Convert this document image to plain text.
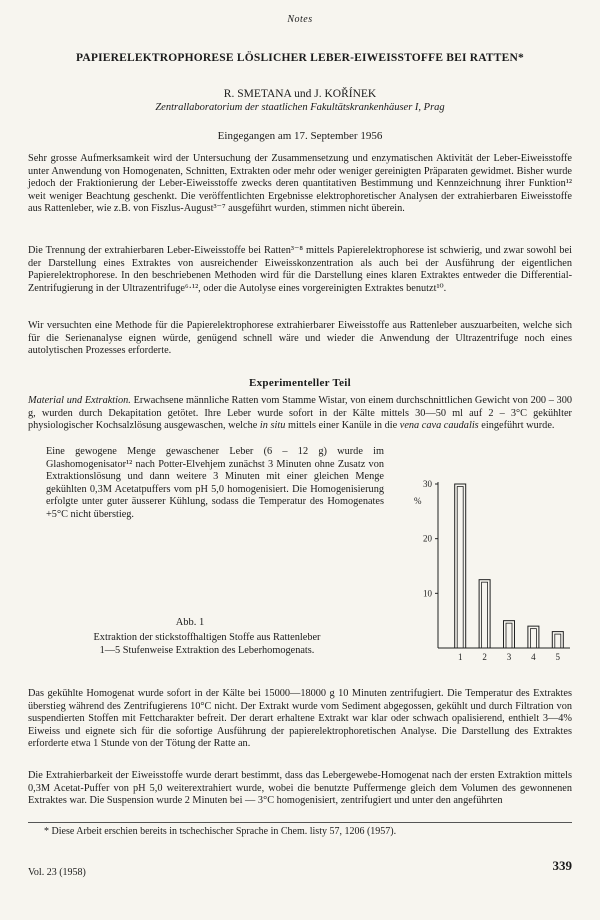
Notes
PAPIERELEKTROPHORESE LÖSLICHER LEBER-EIWEISSTOFFE BEI RATTEN*
R. SMETANA und J. KOŘÍNEK
Zentrallaboratorium der staatlichen Fakultätskrankenhäuser I, Prag
Eingegangen am 17. September 1956

Sehr grosse Aufmerksamkeit wird der Untersuchung der Zusammensetzung und enzymatischen Aktivität der Leber-Eiweisstoffe unter Anwendung von Homogenaten, Schnitten, Extrakten oder mehr oder weniger gereinigten Präparaten gewidmet. Bisher wurde jedoch der Fraktionierung der Leber-Eiweisstoffe zwecks deren quantitativen Bestimmung und Kennzeichnung ihrer Funktion¹² weit weniger Beachtung geschenkt. Die veröffentlichten Ergebnisse elektrophoretischer Analysen der extrahierbaren Eiweisstoffe aus Rattenleber, wie z.B. von Fiszlus-August³⁻⁷ ausgeführt wurden, stimmen nicht überein.

Die Trennung der extrahierbaren Leber-Eiweisstoffe bei Ratten³⁻⁸ mittels Papierelektrophorese ist schwierig, und zwar sowohl bei der Darstellung eines Extraktes von ausreichender Eiweisskonzentration als auch bei der Ausführung der eigentlichen Papierelektrophorese. In den beschriebenen Methoden wird für die Darstellung eines klaren Extraktes entweder die Differential-Zentrifugierung in der Ultrazentrifuge⁶·¹², oder die Autolyse eines vorgereinigten Extraktes benutzt¹⁰.

Wir versuchten eine Methode für die Papierelektrophorese extrahierbarer Eiweisstoffe aus Rattenleber auszuarbeiten, welche sich für die Serienanalyse eignen würde, genügend schnell wäre und wieder die Anwendung der Ultrazentrifuge noch eines autolytischen Prozesses erforderte.

Experimenteller Teil

Material und Extraktion. Erwachsene männliche Ratten vom Stamme Wistar, von einem durchschnittlichen Gewicht von 200 – 300 g, wurden durch Dekapitation getötet. Ihre Leber wurde sofort in der Kälte mittels 30—50 ml auf 2 – 3°C gekühlter physiologischer Kochsalzlösung ausgewaschen, welche in situ mittels einer Kanüle in die vena cava caudalis eingeführt wurde.

Eine gewogene Menge gewaschener Leber (6 – 12 g) wurde im Glashomogenisator¹² nach Potter-Elvehjem zunächst 3 Minuten ohne Zusatz von Extraktionslösung und dann weitere 3 Minuten mit einer gleichen Menge gekühlten 0,3M Acetatpuffers vom pH 5,0 homogenisiert. Die Homogenisierung erfolgte unter guter äusserer Kühlung, sodass die Temperatur des Homogenates +5°C nicht überstieg.

%
10
20
30
1 2 3 4 5
Abb. 1
Extraktion der stickstoffhaltigen Stoffe aus Rattenleber
1—5 Stufenweise Extraktion des Leberhomogenats.

Das gekühlte Homogenat wurde sofort in der Kälte bei 15000—18000 g 10 Minuten zentrifugiert. Die Temperatur des Extraktes überstieg während des Zentrifugierens 10°C nicht. Der Extrakt wurde vom Sediment abgegossen, gekühlt und durch Filtration von suspendierten Stoffen mit Fettcharakter befreit. Der derart erhaltene Extrakt war klar oder schwach opalisierend, enthielt 3—4% Eiweiss und eignete sich für die sofortige Ausführung der papierelektrophoretischen Analyse. Die Darstellung des Extraktes erforderte etwa 1 Stunde von der Tötung der Ratte an.

Die Extrahierbarkeit der Eiweisstoffe wurde derart bestimmt, dass das Lebergewebe-Homogenat nach der ersten Extraktion mittels 0,3M Acetat-Puffer von pH 5,0 weiterextrahiert wurde, wobei die benutzte Puffermenge gleich dem Volumen des gewonnenen Extraktes war. Die Suspension wurde 2 Minuten bei — 3°C homogenisiert, zentrifugiert und unter den angeführten

* Diese Arbeit erschien bereits in tschechischer Sprache in Chem. listy 57, 1206 (1957).
Vol. 23 (1958)	339
